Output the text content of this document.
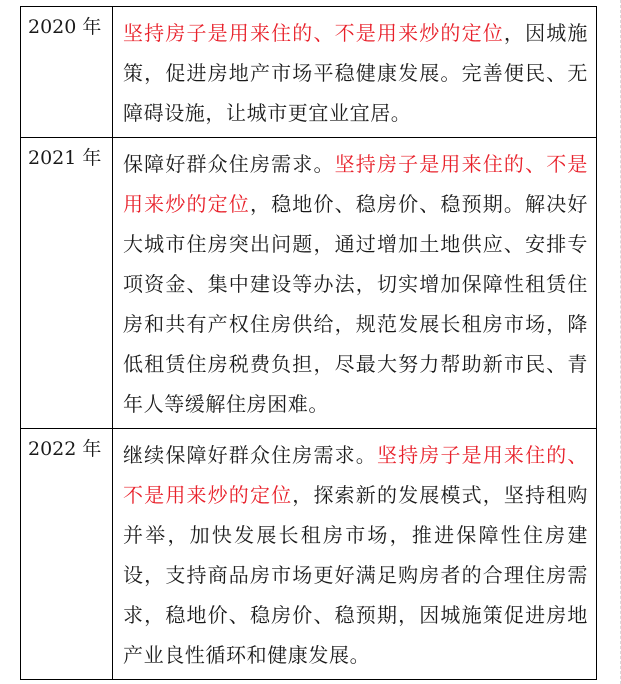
2020 年	坚持房子是用来住的、不是用来炒的定位，因城施策，促进房地产市场平稳健康发展。完善便民、无障碍设施，让城市更宜业宜居。

2021 年	保障好群众住房需求。坚持房子是用来住的、不是用来炒的定位，稳地价、稳房价、稳预期。解决好大城市住房突出问题，通过增加土地供应、安排专项资金、集中建设等办法，切实增加保障性租赁住房和共有产权住房供给，规范发展长租房市场，降低租赁住房税费负担，尽最大努力帮助新市民、青年人等缓解住房困难。

2022 年	继续保障好群众住房需求。坚持房子是用来住的、不是用来炒的定位，探索新的发展模式，坚持租购并举，加快发展长租房市场，推进保障性住房建设，支持商品房市场更好满足购房者的合理住房需求，稳地价、稳房价、稳预期，因城施策促进房地产业良性循环和健康发展。
